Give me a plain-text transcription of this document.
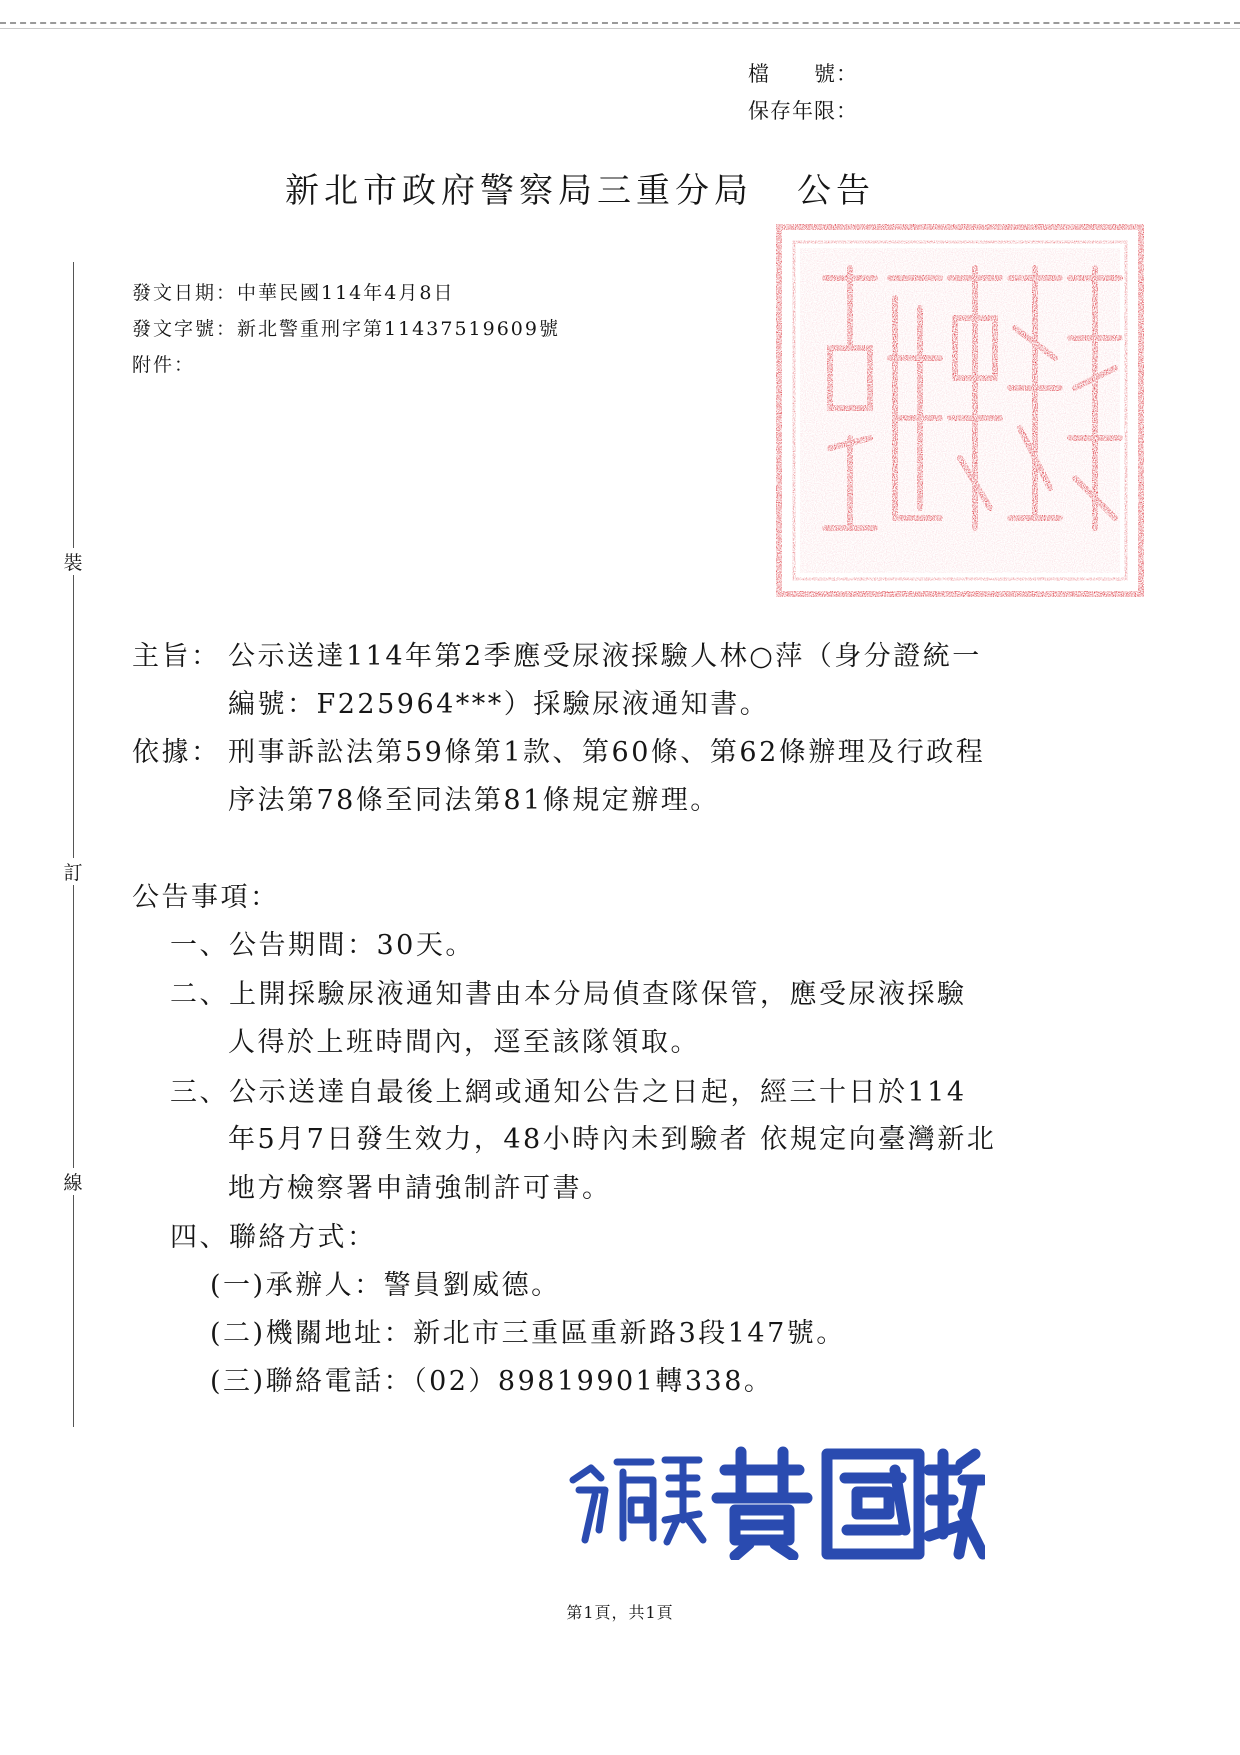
檔　　號：
保存年限：
新北市政府警察局三重分局 公告
發文日期：中華民國114年4月8日
發文字號：新北警重刑字第11437519609號
附件：
裝
訂
線
主旨： 公示送達114年第2季應受尿液採驗人林○萍（身分證統一
編號：F225964***）採驗尿液通知書。
依據： 刑事訴訟法第59條第1款、第60條、第62條辦理及行政程
序法第78條至同法第81條規定辦理。
公告事項：
一、公告期間：30天。
二、上開採驗尿液通知書由本分局偵查隊保管，應受尿液採驗
人得於上班時間內，逕至該隊領取。
三、公示送達自最後上網或通知公告之日起，經三十日於114
年5月7日發生效力，48小時內未到驗者 依規定向臺灣新北
地方檢察署申請強制許可書。
四、聯絡方式：
(一)承辦人：警員劉威德。
(二)機關地址：新北市三重區重新路3段147號。
(三)聯絡電話：（02）89819901轉338。
分局長黃國政
第1頁，共1頁
